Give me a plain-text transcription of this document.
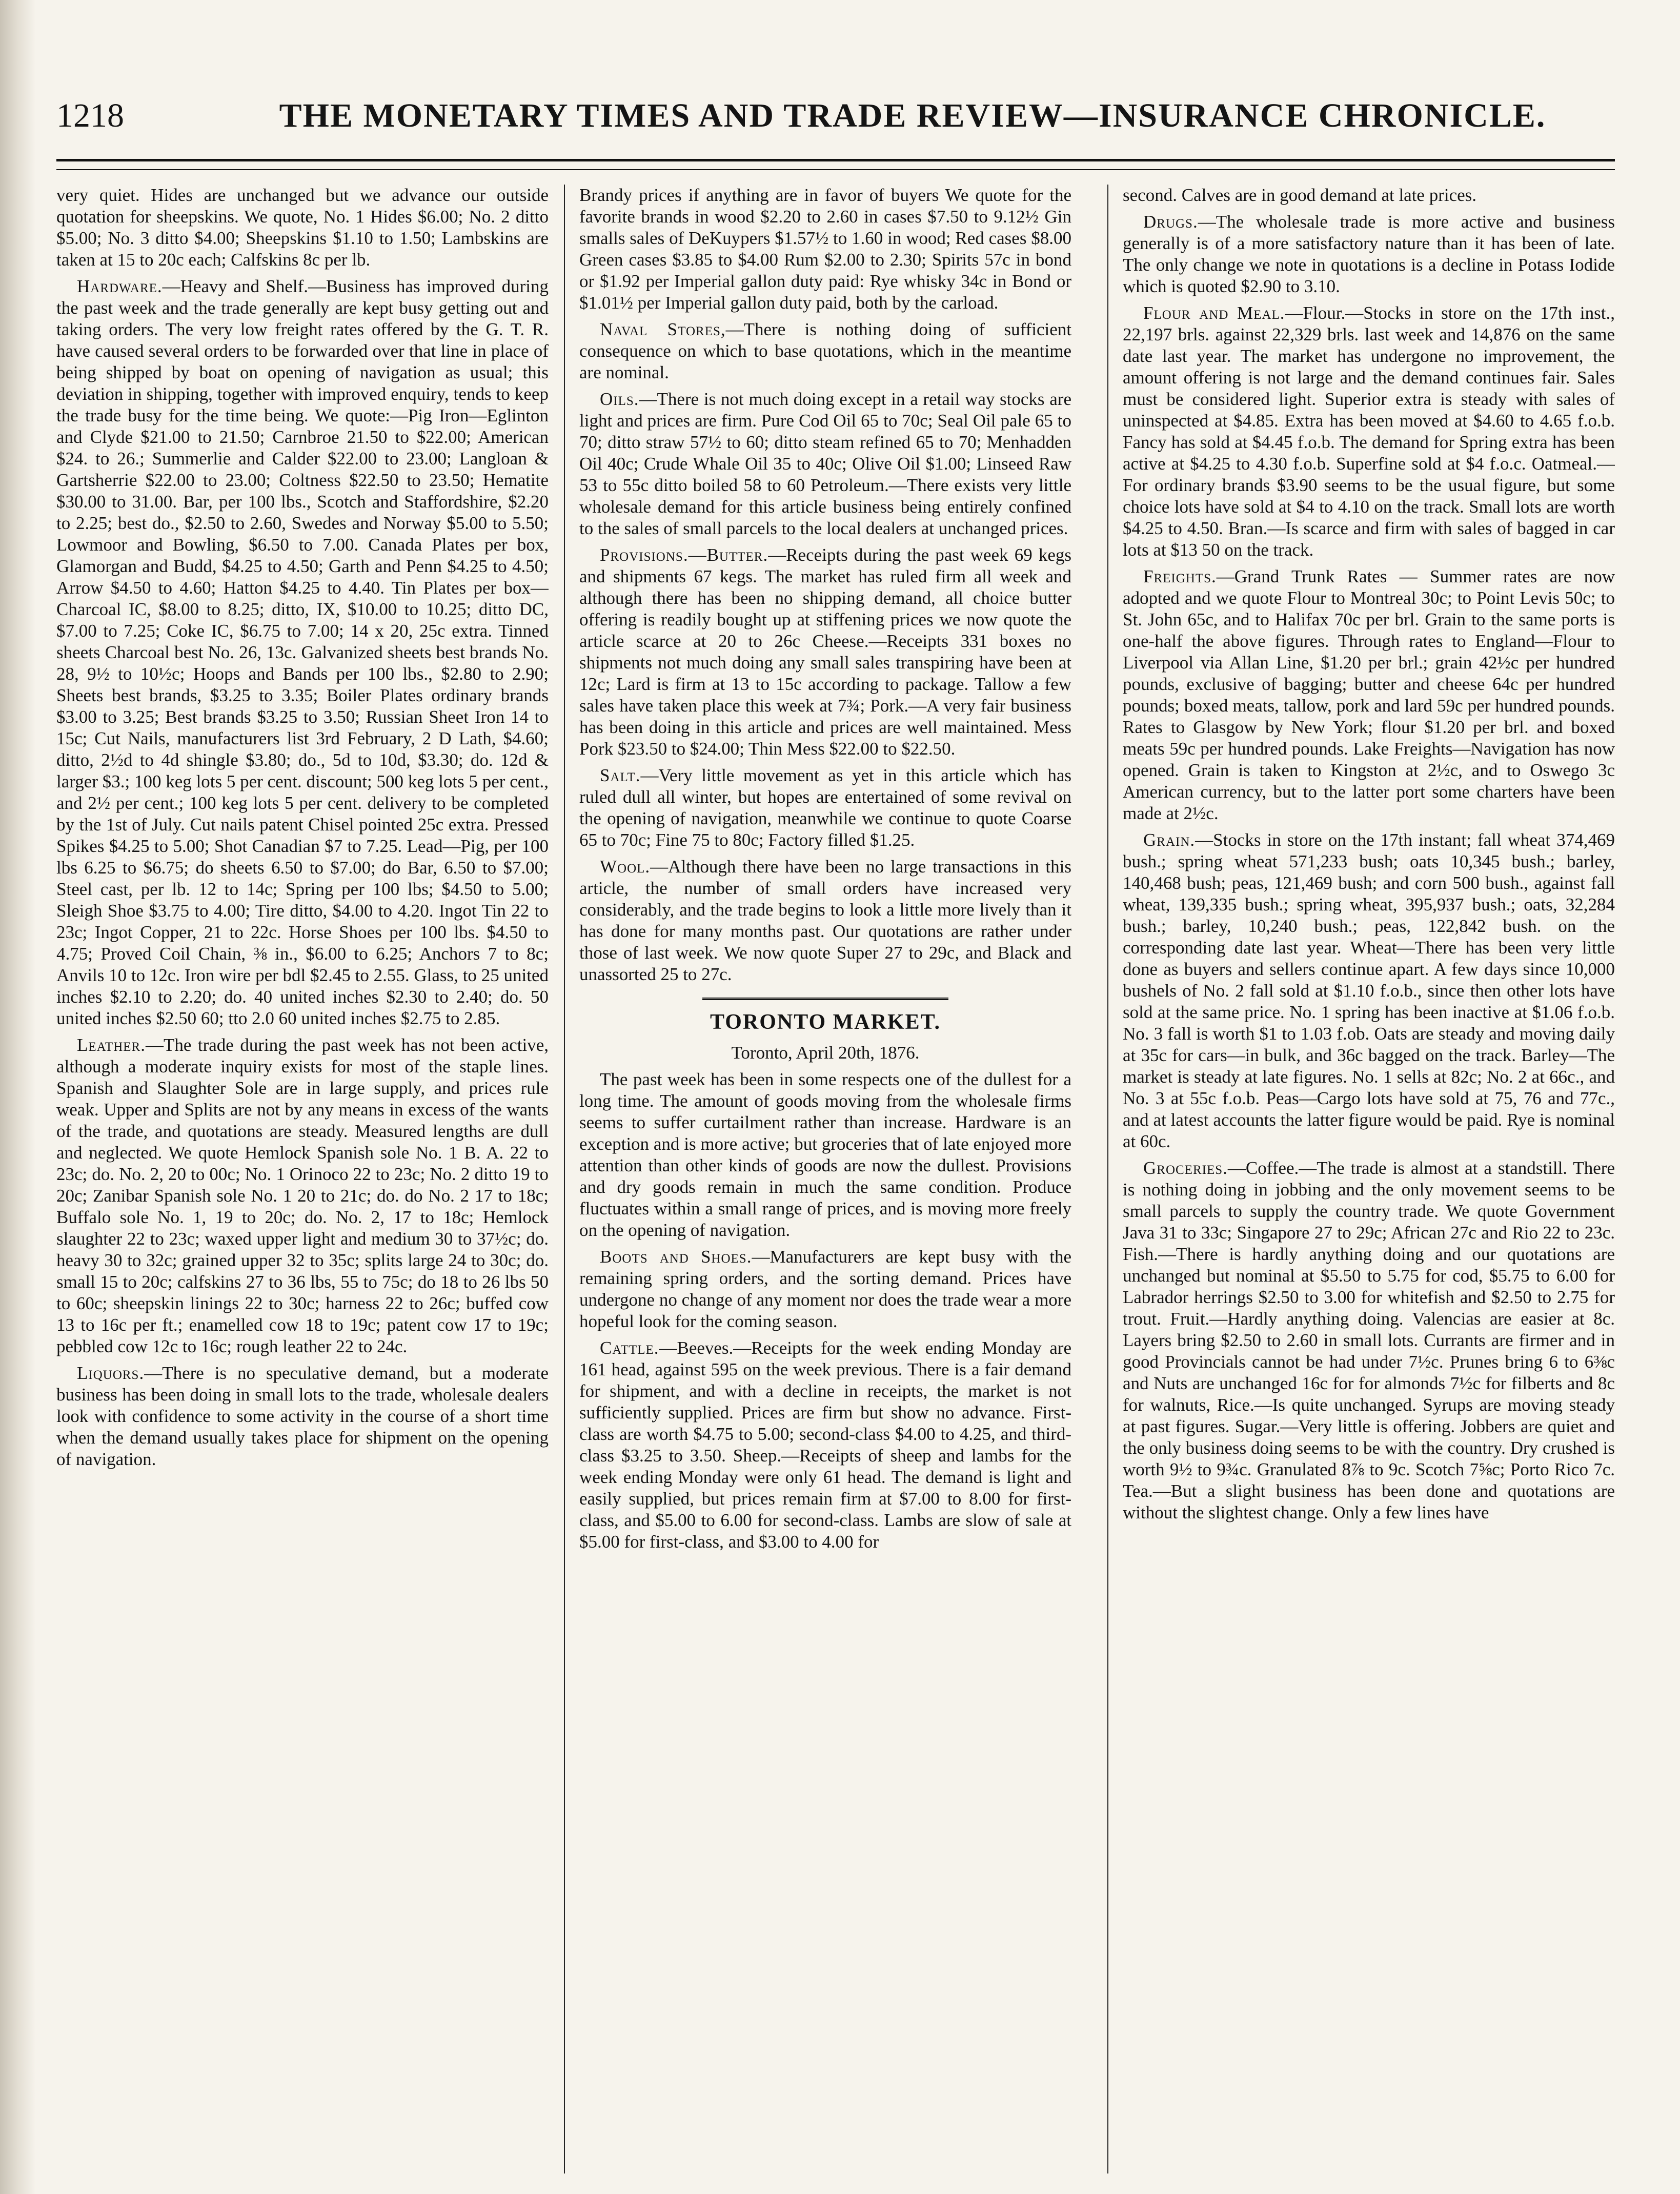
1218	THE MONETARY TIMES AND TRADE REVIEW—INSURANCE CHRONICLE.

very quiet. Hides are unchanged but we advance our outside quotation for sheepskins. We quote, No. 1 Hides $6.00; No. 2 ditto $5.00; No. 3 ditto $4.00; Sheepskins $1.10 to 1.50; Lambskins are taken at 15 to 20c each; Calfskins 8c per lb.

Hardware.—Heavy and Shelf.—Business has improved during the past week and the trade generally are kept busy getting out and taking orders. The very low freight rates offered by the G. T. R. have caused several orders to be forwarded over that line in place of being shipped by boat on opening of navigation as usual; this deviation in shipping, together with improved enquiry, tends to keep the trade busy for the time being. We quote:—Pig Iron—Eglinton and Clyde $21.00 to 21.50; Carnbroe 21.50 to $22.00; American $24. to 26.; Summerlie and Calder $22.00 to 23.00; Langloan & Gartsherrie $22.00 to 23.00; Coltness $22.50 to 23.50; Hematite $30.00 to 31.00. Bar, per 100 lbs., Scotch and Staffordshire, $2.20 to 2.25; best do., $2.50 to 2.60, Swedes and Norway $5.00 to 5.50; Lowmoor and Bowling, $6.50 to 7.00. Canada Plates per box, Glamorgan and Budd, $4.25 to 4.50; Garth and Penn $4.25 to 4.50; Arrow $4.50 to 4.60; Hatton $4.25 to 4.40. Tin Plates per box—Charcoal IC, $8.00 to 8.25; ditto, IX, $10.00 to 10.25; ditto DC, $7.00 to 7.25; Coke IC, $6.75 to 7.00; 14 x 20, 25c extra. Tinned sheets Charcoal best No. 26, 13c. Galvanized sheets best brands No. 28, 9½ to 10½c; Hoops and Bands per 100 lbs., $2.80 to 2.90; Sheets best brands, $3.25 to 3.35; Boiler Plates ordinary brands $3.00 to 3.25; Best brands $3.25 to 3.50; Russian Sheet Iron 14 to 15c; Cut Nails, manufacturers list 3rd February, 2 D Lath, $4.60; ditto, 2½d to 4d shingle $3.80; do., 5d to 10d, $3.30; do. 12d & larger $3.; 100 keg lots 5 per cent. discount; 500 keg lots 5 per cent., and 2½ per cent.; 100 keg lots 5 per cent. delivery to be completed by the 1st of July. Cut nails patent Chisel pointed 25c extra. Pressed Spikes $4.25 to 5.00; Shot Canadian $7 to 7.25. Lead—Pig, per 100 lbs 6.25 to $6.75; do sheets 6.50 to $7.00; do Bar, 6.50 to $7.00; Steel cast, per lb. 12 to 14c; Spring per 100 lbs; $4.50 to 5.00; Sleigh Shoe $3.75 to 4.00; Tire ditto, $4.00 to 4.20. Ingot Tin 22 to 23c; Ingot Copper, 21 to 22c. Horse Shoes per 100 lbs. $4.50 to 4.75; Proved Coil Chain, ⅜ in., $6.00 to 6.25; Anchors 7 to 8c; Anvils 10 to 12c. Iron wire per bdl $2.45 to 2.55. Glass, to 25 united inches $2.10 to 2.20; do. 40 united inches $2.30 to 2.40; do. 50 united inches $2.50 60; tto 2.0 60 united inches $2.75 to 2.85.

Leather.—The trade during the past week has not been active, although a moderate inquiry exists for most of the staple lines. Spanish and Slaughter Sole are in large supply, and prices rule weak. Upper and Splits are not by any means in excess of the wants of the trade, and quotations are steady. Measured lengths are dull and neglected. We quote Hemlock Spanish sole No. 1 B. A. 22 to 23c; do. No. 2, 20 to 00c; No. 1 Orinoco 22 to 23c; No. 2 ditto 19 to 20c; Zanibar Spanish sole No. 1 20 to 21c; do. do No. 2 17 to 18c; Buffalo sole No. 1, 19 to 20c; do. No. 2, 17 to 18c; Hemlock slaughter 22 to 23c; waxed upper light and medium 30 to 37½c; do. heavy 30 to 32c; grained upper 32 to 35c; splits large 24 to 30c; do. small 15 to 20c; calfskins 27 to 36 lbs, 55 to 75c; do 18 to 26 lbs 50 to 60c; sheepskin linings 22 to 30c; harness 22 to 26c; buffed cow 13 to 16c per ft.; enamelled cow 18 to 19c; patent cow 17 to 19c; pebbled cow 12c to 16c; rough leather 22 to 24c.

Liquors.—There is no speculative demand, but a moderate business has been doing in small lots to the trade, wholesale dealers look with confidence to some activity in the course of a short time when the demand usually takes place for shipment on the opening of navigation.

Brandy prices if anything are in favor of buyers We quote for the favorite brands in wood $2.20 to 2.60 in cases $7.50 to 9.12½ Gin smalls sales of DeKuypers $1.57½ to 1.60 in wood; Red cases $8.00 Green cases $3.85 to $4.00 Rum $2.00 to 2.30; Spirits 57c in bond or $1.92 per Imperial gallon duty paid: Rye whisky 34c in Bond or $1.01½ per Imperial gallon duty paid, both by the carload.

Naval Stores,—There is nothing doing of sufficient consequence on which to base quotations, which in the meantime are nominal.

Oils.—There is not much doing except in a retail way stocks are light and prices are firm. Pure Cod Oil 65 to 70c; Seal Oil pale 65 to 70; ditto straw 57½ to 60; ditto steam refined 65 to 70; Menhadden Oil 40c; Crude Whale Oil 35 to 40c; Olive Oil $1.00; Linseed Raw 53 to 55c ditto boiled 58 to 60 Petroleum.—There exists very little wholesale demand for this article business being entirely confined to the sales of small parcels to the local dealers at unchanged prices.

Provisions.—Butter.—Receipts during the past week 69 kegs and shipments 67 kegs. The market has ruled firm all week and although there has been no shipping demand, all choice butter offering is readily bought up at stiffening prices we now quote the article scarce at 20 to 26c Cheese.—Receipts 331 boxes no shipments not much doing any small sales transpiring have been at 12c; Lard is firm at 13 to 15c according to package. Tallow a few sales have taken place this week at 7¾; Pork.—A very fair business has been doing in this article and prices are well maintained. Mess Pork $23.50 to $24.00; Thin Mess $22.00 to $22.50.

Salt.—Very little movement as yet in this article which has ruled dull all winter, but hopes are entertained of some revival on the opening of navigation, meanwhile we continue to quote Coarse 65 to 70c; Fine 75 to 80c; Factory filled $1.25.

Wool.—Although there have been no large transactions in this article, the number of small orders have increased very considerably, and the trade begins to look a little more lively than it has done for many months past. Our quotations are rather under those of last week. We now quote Super 27 to 29c, and Black and unassorted 25 to 27c.

TORONTO MARKET.
Toronto, April 20th, 1876.

The past week has been in some respects one of the dullest for a long time. The amount of goods moving from the wholesale firms seems to suffer curtailment rather than increase. Hardware is an exception and is more active; but groceries that of late enjoyed more attention than other kinds of goods are now the dullest. Provisions and dry goods remain in much the same condition. Produce fluctuates within a small range of prices, and is moving more freely on the opening of navigation.

Boots and Shoes.—Manufacturers are kept busy with the remaining spring orders, and the sorting demand. Prices have undergone no change of any moment nor does the trade wear a more hopeful look for the coming season.

Cattle.—Beeves.—Receipts for the week ending Monday are 161 head, against 595 on the week previous. There is a fair demand for shipment, and with a decline in receipts, the market is not sufficiently supplied. Prices are firm but show no advance. First-class are worth $4.75 to 5.00; second-class $4.00 to 4.25, and third-class $3.25 to 3.50. Sheep.—Receipts of sheep and lambs for the week ending Monday were only 61 head. The demand is light and easily supplied, but prices remain firm at $7.00 to 8.00 for first-class, and $5.00 to 6.00 for second-class. Lambs are slow of sale at $5.00 for first-class, and $3.00 to 4.00 for

second. Calves are in good demand at late prices.

Drugs.—The wholesale trade is more active and business generally is of a more satisfactory nature than it has been of late. The only change we note in quotations is a decline in Potass Iodide which is quoted $2.90 to 3.10.

Flour and Meal.—Flour.—Stocks in store on the 17th inst., 22,197 brls. against 22,329 brls. last week and 14,876 on the same date last year. The market has undergone no improvement, the amount offering is not large and the demand continues fair. Sales must be considered light. Superior extra is steady with sales of uninspected at $4.85. Extra has been moved at $4.60 to 4.65 f.o.b. Fancy has sold at $4.45 f.o.b. The demand for Spring extra has been active at $4.25 to 4.30 f.o.b. Superfine sold at $4 f.o.c. Oatmeal.—For ordinary brands $3.90 seems to be the usual figure, but some choice lots have sold at $4 to 4.10 on the track. Small lots are worth $4.25 to 4.50. Bran.—Is scarce and firm with sales of bagged in car lots at $13 50 on the track.

Freights.—Grand Trunk Rates — Summer rates are now adopted and we quote Flour to Montreal 30c; to Point Levis 50c; to St. John 65c, and to Halifax 70c per brl. Grain to the same ports is one-half the above figures. Through rates to England—Flour to Liverpool via Allan Line, $1.20 per brl.; grain 42½c per hundred pounds, exclusive of bagging; butter and cheese 64c per hundred pounds; boxed meats, tallow, pork and lard 59c per hundred pounds. Rates to Glasgow by New York; flour $1.20 per brl. and boxed meats 59c per hundred pounds. Lake Freights—Navigation has now opened. Grain is taken to Kingston at 2½c, and to Oswego 3c American currency, but to the latter port some charters have been made at 2½c.

Grain.—Stocks in store on the 17th instant; fall wheat 374,469 bush.; spring wheat 571,233 bush; oats 10,345 bush.; barley, 140,468 bush; peas, 121,469 bush; and corn 500 bush., against fall wheat, 139,335 bush.; spring wheat, 395,937 bush.; oats, 32,284 bush.; barley, 10,240 bush.; peas, 122,842 bush. on the corresponding date last year. Wheat—There has been very little done as buyers and sellers continue apart. A few days since 10,000 bushels of No. 2 fall sold at $1.10 f.o.b., since then other lots have sold at the same price. No. 1 spring has been inactive at $1.06 f.o.b. No. 3 fall is worth $1 to 1.03 f.ob. Oats are steady and moving daily at 35c for cars—in bulk, and 36c bagged on the track. Barley—The market is steady at late figures. No. 1 sells at 82c; No. 2 at 66c., and No. 3 at 55c f.o.b. Peas—Cargo lots have sold at 75, 76 and 77c., and at latest accounts the latter figure would be paid. Rye is nominal at 60c.

Groceries.—Coffee.—The trade is almost at a standstill. There is nothing doing in jobbing and the only movement seems to be small parcels to supply the country trade. We quote Government Java 31 to 33c; Singapore 27 to 29c; African 27c and Rio 22 to 23c. Fish.—There is hardly anything doing and our quotations are unchanged but nominal at $5.50 to 5.75 for cod, $5.75 to 6.00 for Labrador herrings $2.50 to 3.00 for whitefish and $2.50 to 2.75 for trout. Fruit.—Hardly anything doing. Valencias are easier at 8c. Layers bring $2.50 to 2.60 in small lots. Currants are firmer and in good Provincials cannot be had under 7½c. Prunes bring 6 to 6⅜c and Nuts are unchanged 16c for for almonds 7½c for filberts and 8c for walnuts, Rice.—Is quite unchanged. Syrups are moving steady at past figures. Sugar.—Very little is offering. Jobbers are quiet and the only business doing seems to be with the country. Dry crushed is worth 9½ to 9¾c. Granulated 8⅞ to 9c. Scotch 7⅝c; Porto Rico 7c. Tea.—But a slight business has been done and quotations are without the slightest change. Only a few lines have
